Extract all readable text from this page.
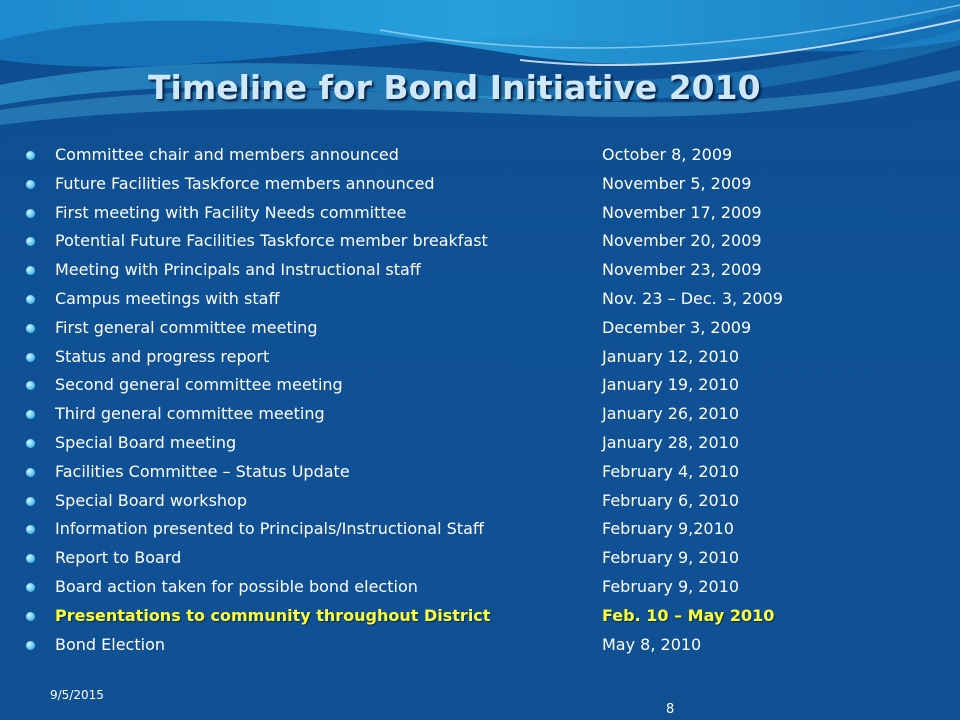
Timeline for Bond Initiative 2010
Committee chair and members announced	October 8, 2009
Future Facilities Taskforce members announced	November 5, 2009
First meeting with Facility Needs committee	November 17, 2009
Potential Future Facilities Taskforce member breakfast	November 20, 2009
Meeting with Principals and Instructional staff	November 23, 2009
Campus meetings with staff	Nov. 23 – Dec. 3, 2009
First general committee meeting	December 3, 2009
Status and progress report	January 12, 2010
Second general committee meeting	January 19, 2010
Third general committee meeting	January 26, 2010
Special Board meeting	January 28, 2010
Facilities Committee – Status Update	February 4, 2010
Special Board workshop	February 6, 2010
Information presented to Principals/Instructional Staff	February 9,2010
Report to Board	February 9, 2010
Board action taken for possible bond election	February 9, 2010
Presentations to community throughout District	Feb. 10 – May 2010
Bond Election	May 8, 2010
9/5/2015
8
